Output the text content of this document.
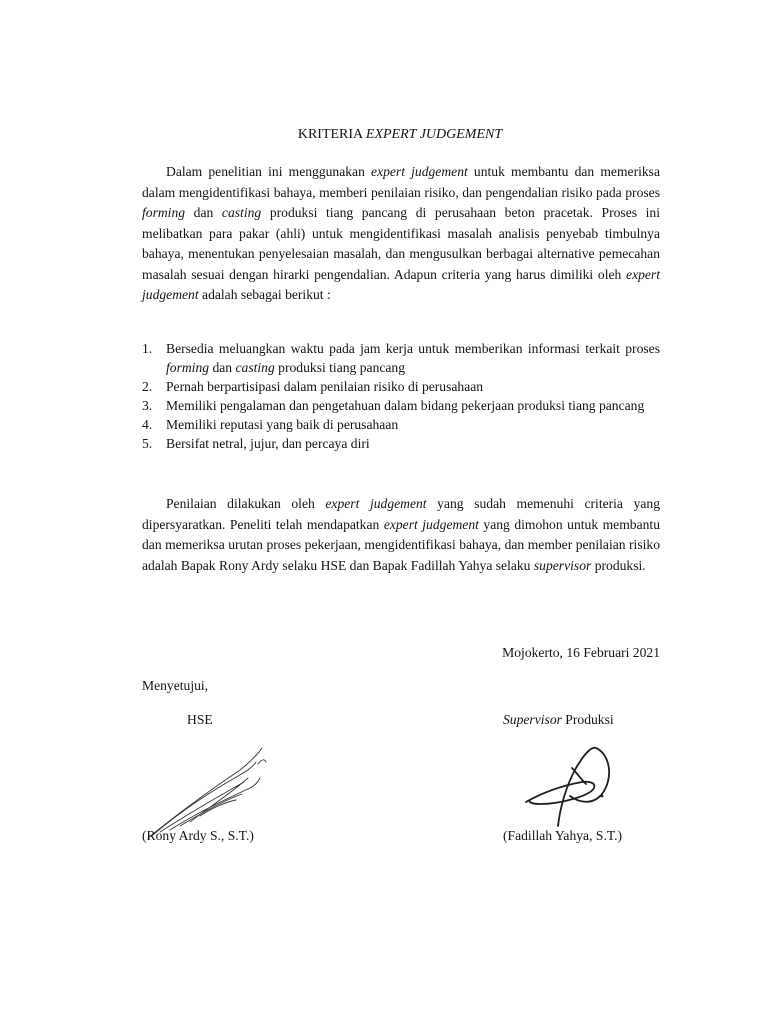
KRITERIA EXPERT JUDGEMENT

Dalam penelitian ini menggunakan expert judgement untuk membantu dan memeriksa dalam mengidentifikasi bahaya, memberi penilaian risiko, dan pengendalian risiko pada proses forming dan casting produksi tiang pancang di perusahaan beton pracetak. Proses ini melibatkan para pakar (ahli) untuk mengidentifikasi masalah analisis penyebab timbulnya bahaya, menentukan penyelesaian masalah, dan mengusulkan berbagai alternative pemecahan masalah sesuai dengan hirarki pengendalian. Adapun criteria yang harus dimiliki oleh expert judgement adalah sebagai berikut :

1. Bersedia meluangkan waktu pada jam kerja untuk memberikan informasi terkait proses forming dan casting produksi tiang pancang
2. Pernah berpartisipasi dalam penilaian risiko di perusahaan
3. Memiliki pengalaman dan pengetahuan dalam bidang pekerjaan produksi tiang pancang
4. Memiliki reputasi yang baik di perusahaan
5. Bersifat netral, jujur, dan percaya diri

Penilaian dilakukan oleh expert judgement yang sudah memenuhi criteria yang dipersyaratkan. Peneliti telah mendapatkan expert judgement yang dimohon untuk membantu dan memeriksa urutan proses pekerjaan, mengidentifikasi bahaya, dan member penilaian risiko adalah Bapak Rony Ardy selaku HSE dan Bapak Fadillah Yahya selaku supervisor produksi.

Mojokerto, 16 Februari 2021
Menyetujui,
HSE	Supervisor Produksi
(Rony Ardy S., S.T.)	(Fadillah Yahya, S.T.)
